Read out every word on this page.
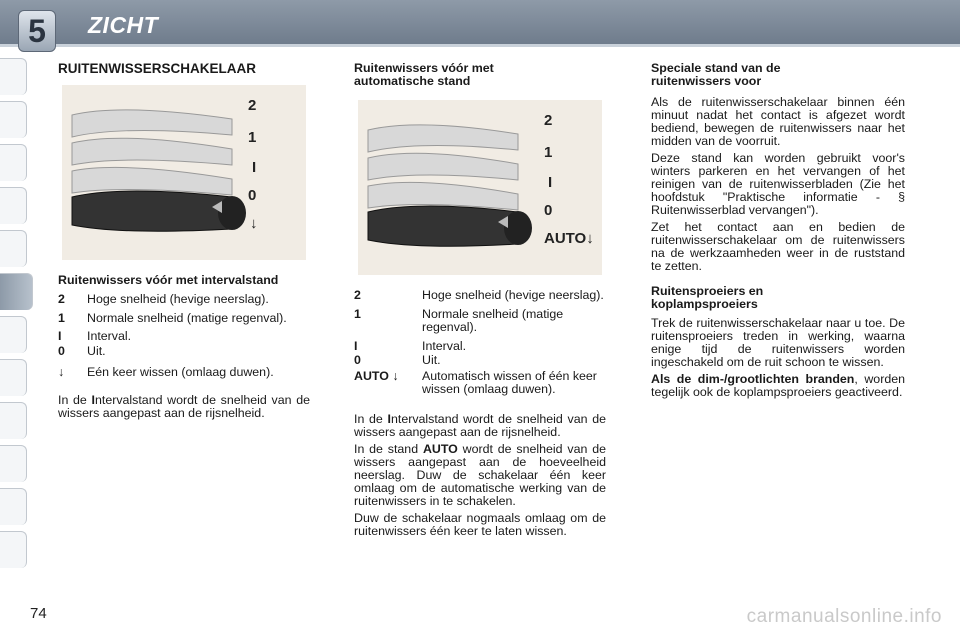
5	ZICHT
RUITENWISSERSCHAKELAAR
2
1
I
0
↓
Ruitenwissers vóór met intervalstand
2	Hoge snelheid (hevige neerslag).
1	Normale snelheid (matige regenval).
I	Interval.
0	Uit.
↓	Eén keer wissen (omlaag duwen).

In de Intervalstand wordt de snelheid van de wissers aangepast aan de rijsnelheid.

Ruitenwissers vóór met automatische stand
2
1
I
0
AUTO↓
2	Hoge snelheid (hevige neerslag).
1	Normale snelheid (matige regenval).
I	Interval.
0	Uit.
AUTO ↓	Automatisch wissen of één keer wissen (omlaag duwen).

In de Intervalstand wordt de snelheid van de wissers aangepast aan de rijsnelheid.

In de stand AUTO wordt de snelheid van de wissers aangepast aan de hoeveelheid neerslag. Duw de schakelaar één keer omlaag om de automatische werking van de ruitenwissers in te schakelen.

Duw de schakelaar nogmaals omlaag om de ruitenwissers één keer te laten wissen.

Speciale stand van de ruitenwissers voor

Als de ruitenwisserschakelaar binnen één minuut nadat het contact is afgezet wordt bediend, bewegen de ruitenwissers naar het midden van de voorruit.

Deze stand kan worden gebruikt voor's winters parkeren en het vervangen of het reinigen van de ruitenwisserbladen (Zie het hoofdstuk "Praktische informatie - § Ruitenwisserblad vervangen").

Zet het contact aan en bedien de ruitenwisserschakelaar om de ruitenwissers na de werkzaamheden weer in de ruststand te zetten.

Ruitensproeiers en koplampsproeiers

Trek de ruitenwisserschakelaar naar u toe. De ruitensproeiers treden in werking, waarna enige tijd de ruitenwissers worden ingeschakeld om de ruit schoon te wissen.

Als de dim-/grootlichten branden, worden tegelijk ook de koplampsproeiers geactiveerd.

74	carmanualsonline.info
